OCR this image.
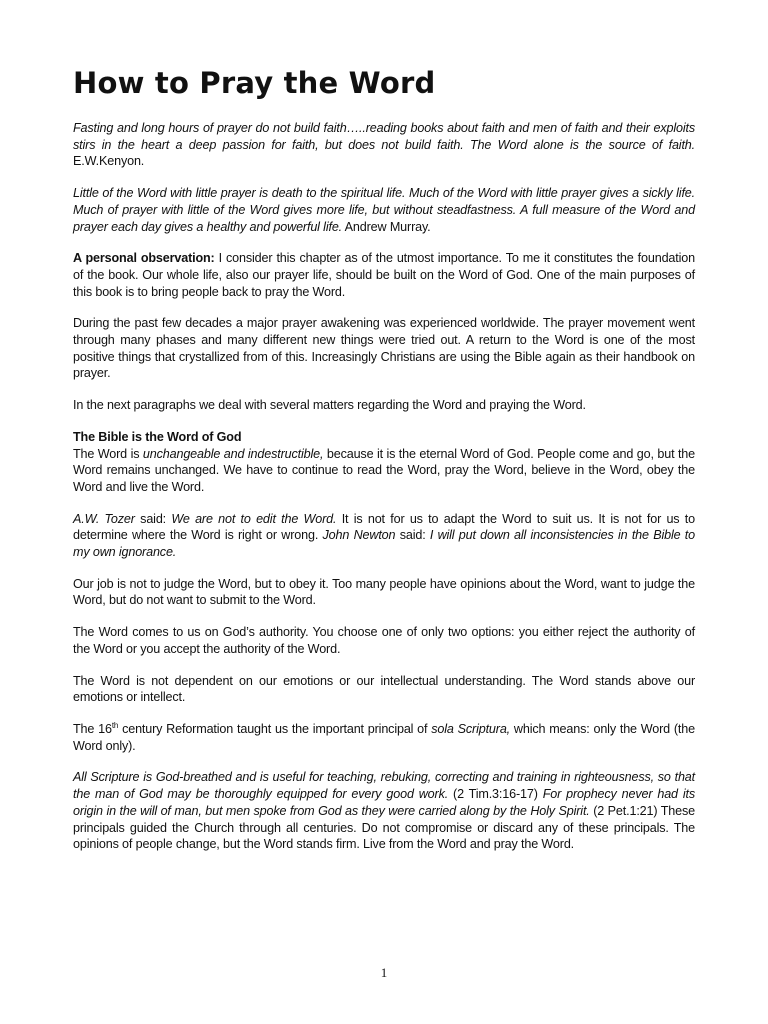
How to Pray the Word

Fasting and long hours of prayer do not build faith…..reading books about faith and men of faith and their exploits stirs in the heart a deep passion for faith, but does not build faith. The Word alone is the source of faith. E.W.Kenyon.

Little of the Word with little prayer is death to the spiritual life. Much of the Word with little prayer gives a sickly life. Much of prayer with little of the Word gives more life, but without steadfastness. A full measure of the Word and prayer each day gives a healthy and powerful life. Andrew Murray.

A personal observation: I consider this chapter as of the utmost importance. To me it constitutes the foundation of the book. Our whole life, also our prayer life, should be built on the Word of God. One of the main purposes of this book is to bring people back to pray the Word.

During the past few decades a major prayer awakening was experienced worldwide. The prayer movement went through many phases and many different new things were tried out. A return to the Word is one of the most positive things that crystallized from of this. Increasingly Christians are using the Bible again as their handbook on prayer.

In the next paragraphs we deal with several matters regarding the Word and praying the Word.

The Bible is the Word of God

The Word is unchangeable and indestructible, because it is the eternal Word of God. People come and go, but the Word remains unchanged. We have to continue to read the Word, pray the Word, believe in the Word, obey the Word and live the Word.

A.W. Tozer said: We are not to edit the Word. It is not for us to adapt the Word to suit us. It is not for us to determine where the Word is right or wrong. John Newton said: I will put down all inconsistencies in the Bible to my own ignorance.

Our job is not to judge the Word, but to obey it. Too many people have opinions about the Word, want to judge the Word, but do not want to submit to the Word.

The Word comes to us on God’s authority. You choose one of only two options: you either reject the authority of the Word or you accept the authority of the Word.

The Word is not dependent on our emotions or our intellectual understanding. The Word stands above our emotions or intellect.

The 16th century Reformation taught us the important principal of sola Scriptura, which means: only the Word (the Word only).

All Scripture is God-breathed and is useful for teaching, rebuking, correcting and training in righteousness, so that the man of God may be thoroughly equipped for every good work. (2 Tim.3:16-17) For prophecy never had its origin in the will of man, but men spoke from God as they were carried along by the Holy Spirit. (2 Pet.1:21) These principals guided the Church through all centuries. Do not compromise or discard any of these principals. The opinions of people change, but the Word stands firm. Live from the Word and pray the Word.

1
